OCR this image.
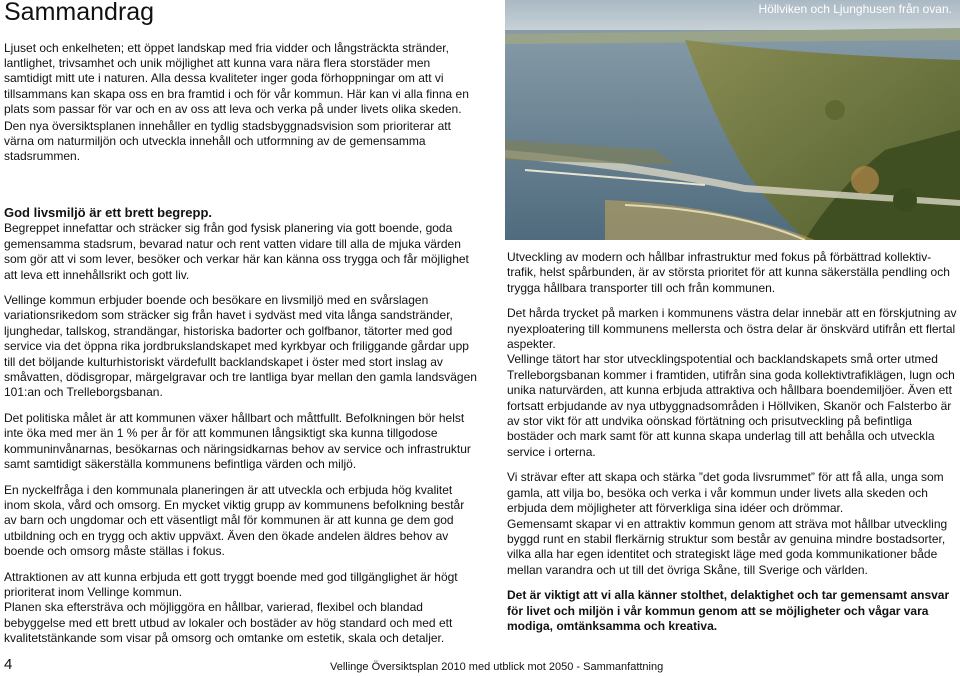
Sammandrag

Ljuset och enkelheten; ett öppet landskap med fria vidder och långsträckta stränder, lantlighet, trivsamhet och unik möjlighet att kunna vara nära flera storstäder men samtidigt mitt ute i naturen. Alla dessa kvaliteter inger goda förhoppningar om att vi tillsammans kan skapa oss en bra framtid i och för vår kommun. Här kan vi alla finna en plats som passar för var och en av oss att leva och verka på under livets olika skeden.

Den nya översiktsplanen innehåller en tydlig stadsbyggnadsvision som prioriterar att värna om naturmiljön och utveckla innehåll och utformning av de gemensamma stadsrummen.

Höllviken och Ljunghusen från ovan.
God livsmiljö är ett brett begrepp.

Begreppet innefattar och sträcker sig från god fysisk planering via gott boende, goda gemensamma stadsrum, bevarad natur och rent vatten vidare till alla de mjuka värden som gör att vi som lever, besöker och verkar här kan känna oss trygga och får möjlighet att leva ett innehållsrikt och gott liv.

Vellinge kommun erbjuder boende och besökare en livsmiljö med en svårslagen variationsrikedom som sträcker sig från havet i sydväst med vita långa sandstränder, ljunghedar, tallskog, strandängar, historiska badorter och golfbanor, tätorter med god service via det öppna rika jordbrukslandskapet med kyrkbyar och friliggande gårdar upp till det böljande kulturhistoriskt värdefullt backlandskapet i öster med stort inslag av småvatten, dödisgropar, märgelgravar och tre lantliga byar mellan den gamla landsvägen 101:an och Trelleborgsbanan.

Det politiska målet är att kommunen växer hållbart och måttfullt. Befolkningen bör helst inte öka med mer än 1 % per år för att kommunen långsiktigt ska kunna tillgodose kommuninvånarnas, besökarnas och näringsidkarnas behov av service och infrastruktur samt samtidigt säkerställa kommunens befintliga värden och miljö.

En nyckelfråga i den kommunala planeringen är att utveckla och erbjuda hög kvalitet inom skola, vård och omsorg. En mycket viktig grupp av kommunens befolkning består av barn och ungdomar och ett väsentligt mål för kommunen är att kunna ge dem god utbildning och en trygg och aktiv uppväxt. Även den ökade andelen äldres behov av boende och omsorg måste ställas i fokus.

Attraktionen av att kunna erbjuda ett gott tryggt boende med god tillgänglighet är högt prioriterat inom Vellinge kommun.

Planen ska eftersträva och möjliggöra en hållbar, varierad, flexibel och blandad bebyggelse med ett brett utbud av lokaler och bostäder av hög standard och med ett kvalitetstänkande som visar på omsorg och omtanke om estetik, skala och detaljer.

Utveckling av modern och hållbar infrastruktur med fokus på förbättrad kollektiv-trafik, helst spårbunden, är av största prioritet för att kunna säkerställa pendling och trygga hållbara transporter till och från kommunen.

Det hårda trycket på marken i kommunens västra delar innebär att en förskjutning av nyexploatering till kommunens mellersta och östra delar är önskvärd utifrån ett flertal aspekter.

Vellinge tätort har stor utvecklingspotential och backlandskapets små orter utmed Trelleborgsbanan kommer i framtiden, utifrån sina goda kollektivtrafiklägen, lugn och unika naturvärden, att kunna erbjuda attraktiva och hållbara boendemiljöer. Även ett fortsatt erbjudande av nya utbyggnadsområden i Höllviken, Skanör och Falsterbo är av stor vikt för att undvika oönskad förtätning och prisutveckling på befintliga bostäder och mark samt för att kunna skapa underlag till att behålla och utveckla service i orterna.

Vi strävar efter att skapa och stärka ”det goda livsrummet” för att få alla, unga som gamla, att vilja bo, besöka och verka i vår kommun under livets alla skeden och erbjuda dem möjligheter att förverkliga sina idéer och drömmar.

Gemensamt skapar vi en attraktiv kommun genom att sträva mot hållbar utveckling byggd runt en stabil flerkärnig struktur som består av genuina mindre bostadsorter, vilka alla har egen identitet och strategiskt läge med goda kommunikationer både mellan varandra och ut till det övriga Skåne, till Sverige och världen.

Det är viktigt att vi alla känner stolthet, delaktighet och tar gemensamt ansvar för livet och miljön i vår kommun genom att se möjligheter och vågar vara modiga, omtänksamma och kreativa.

4	Vellinge Översiktsplan 2010 med utblick mot 2050 - Sammanfattning
